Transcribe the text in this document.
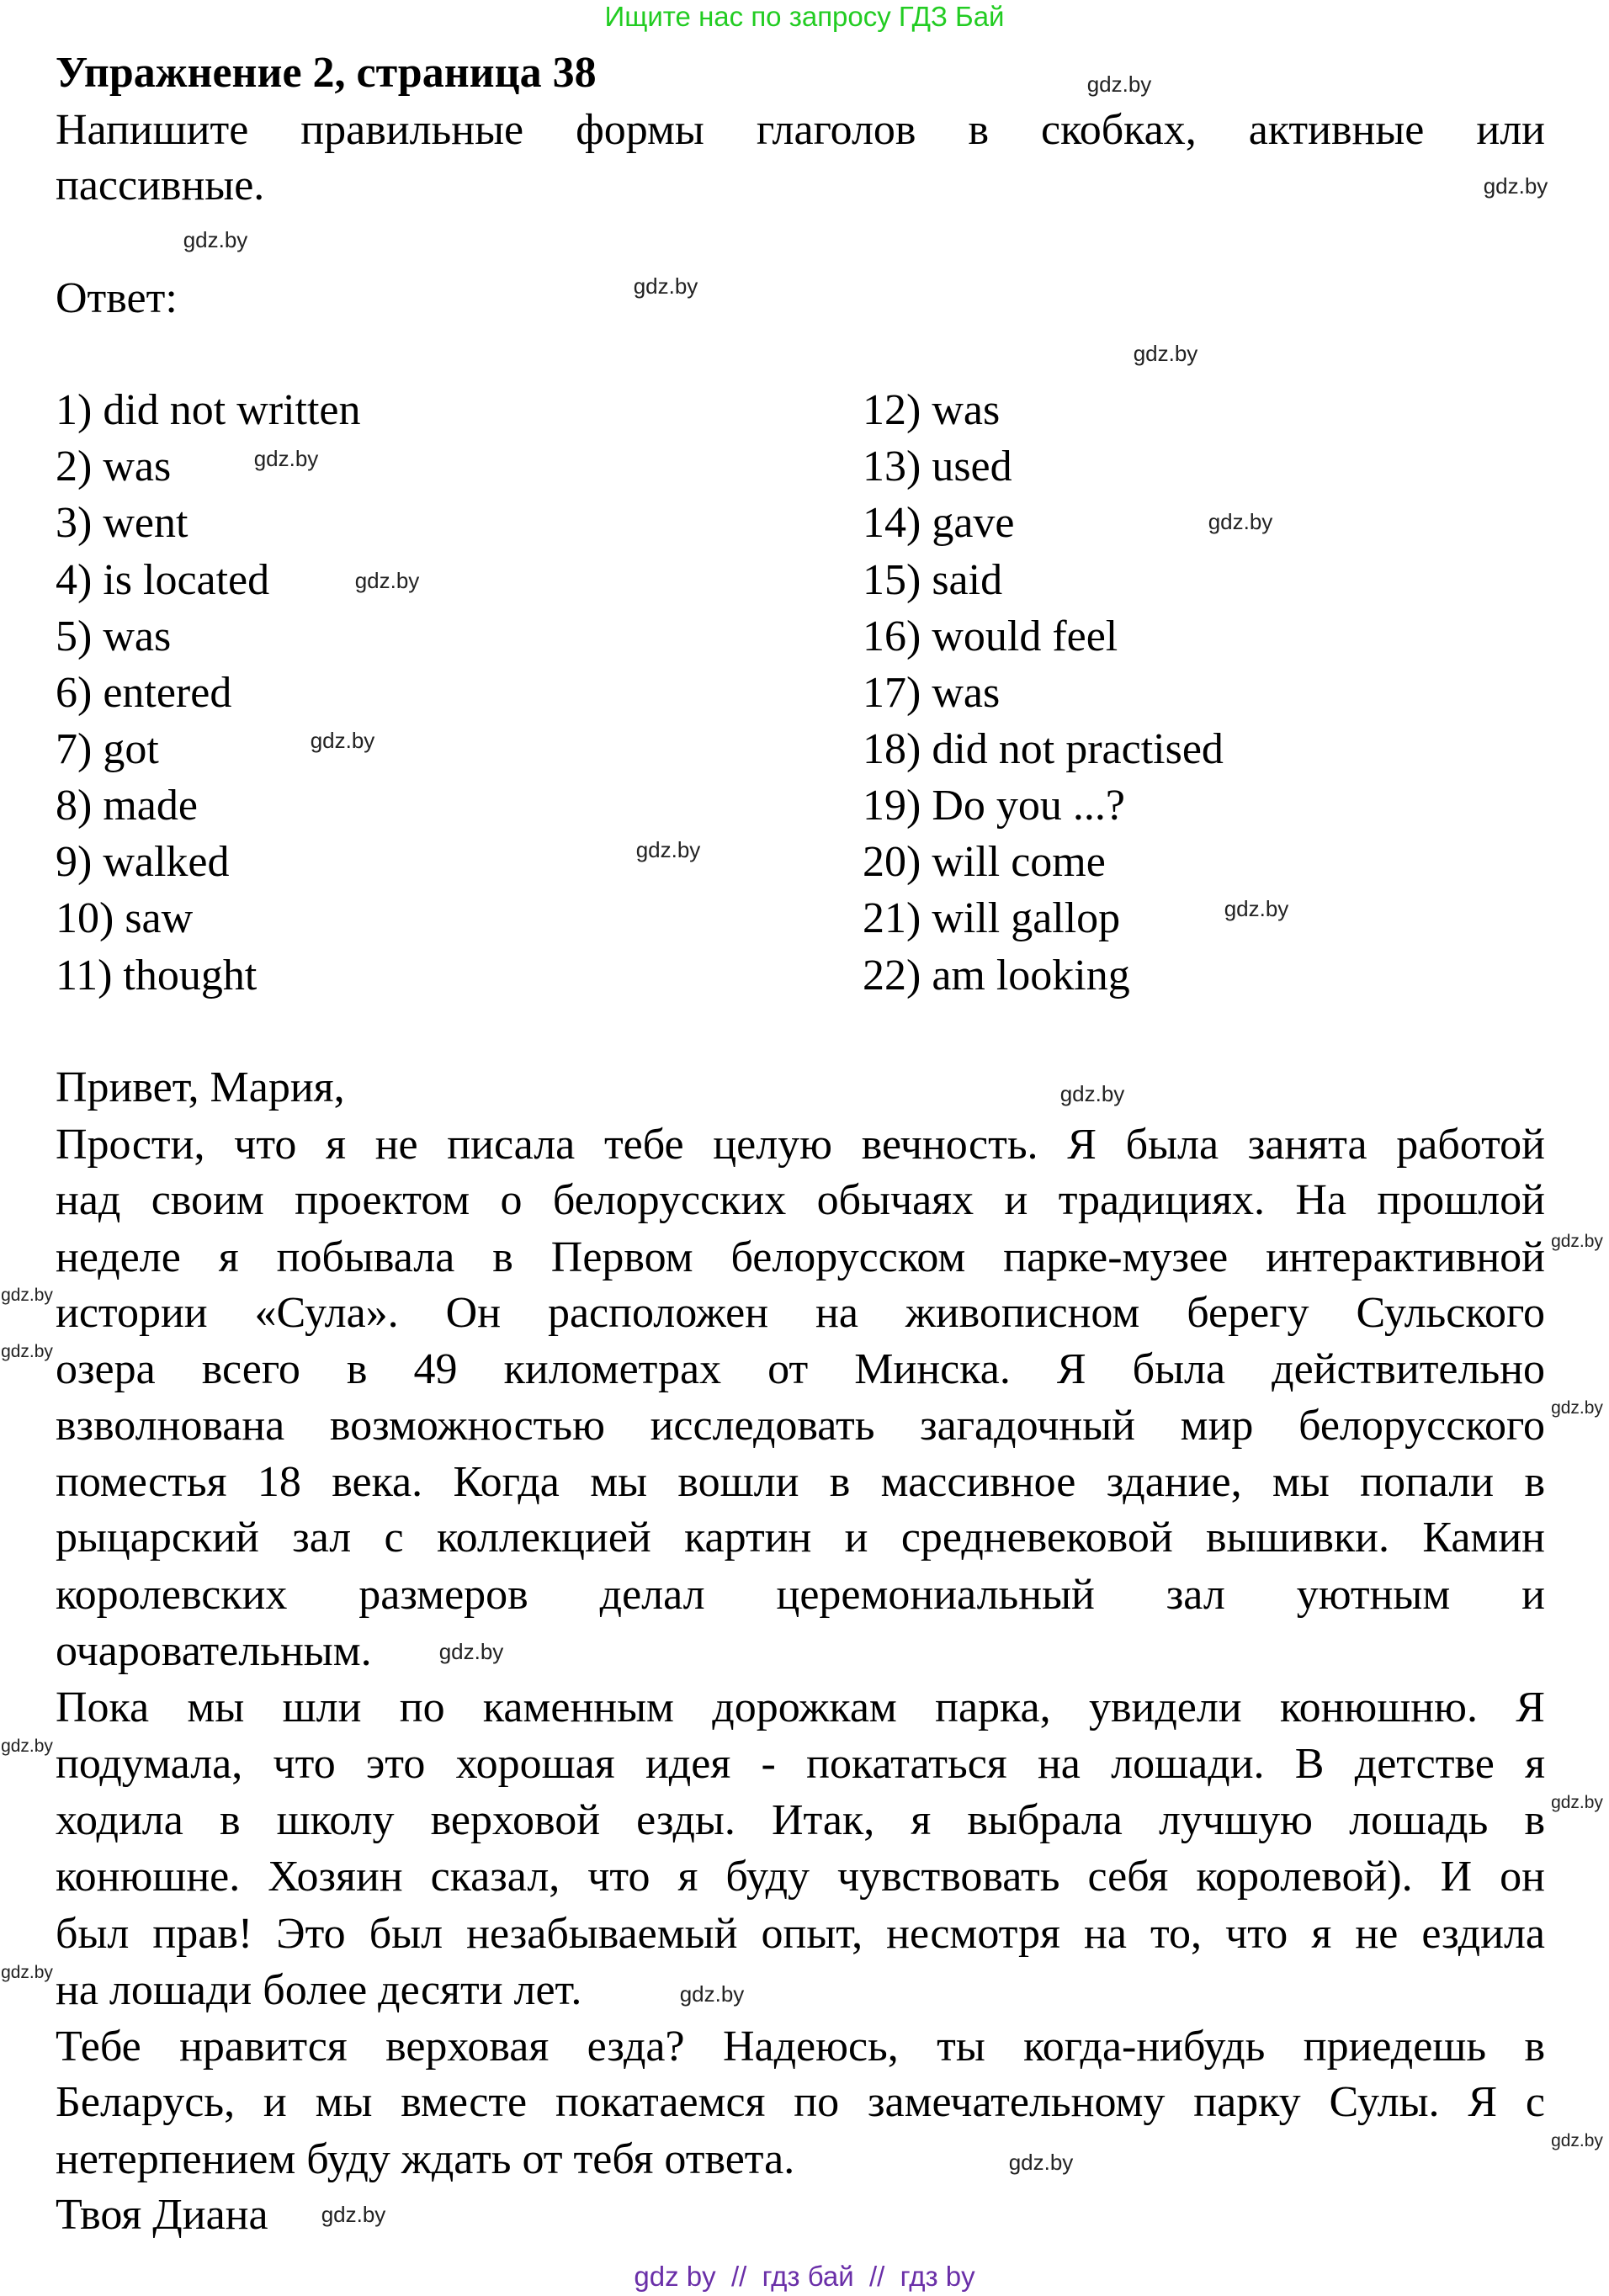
Ищите нас по запросу ГДЗ Бай
Упражнение 2, страница 38
Напишите правильные формы глаголов в скобках, активные или
пассивные.
Ответ:
1) did not written
2) was
3) went
4) is located
5) was
6) entered
7) got
8) made
9) walked
10) saw
11) thought
12) was
13) used
14) gave
15) said
16) would feel
17) was
18) did not practised
19) Do you ...?
20) will come
21) will gallop
22) am looking
Привет, Мария,
Прости, что я не писала тебе целую вечность. Я была занята работой
над своим проектом о белорусских обычаях и традициях. На прошлой
неделе я побывала в Первом белорусском парке-музее интерактивной
истории «Сула». Он расположен на живописном берегу Сульского
озера всего в 49 километрах от Минска. Я была действительно
взволнована возможностью исследовать загадочный мир белорусского
поместья 18 века. Когда мы вошли в массивное здание, мы попали в
рыцарский зал с коллекцией картин и средневековой вышивки. Камин
королевских размеров делал церемониальный зал уютным и
очаровательным.
Пока мы шли по каменным дорожкам парка, увидели конюшню. Я
подумала, что это хорошая идея - покататься на лошади. В детстве я
ходила в школу верховой езды. Итак, я выбрала лучшую лошадь в
конюшне. Хозяин сказал, что я буду чувствовать себя королевой). И он
был прав! Это был незабываемый опыт, несмотря на то, что я не ездила
на лошади более десяти лет.
Тебе нравится верховая езда? Надеюсь, ты когда-нибудь приедешь в
Беларусь, и мы вместе покатаемся по замечательному парку Сулы. Я с
нетерпением буду ждать от тебя ответа.
Твоя Диана
gdz.by
gdz.by
gdz.by
gdz.by
gdz.by
gdz.by
gdz.by
gdz.by
gdz.by
gdz.by
gdz.by
gdz.by
gdz.by
gdz.by
gdz.by
gdz.by
gdz.by
gdz.by
gdz.by
gdz.by
gdz.by
gdz.by
gdz.by
gdz.by
gdz by  //  гдз бай  //  гдз by
